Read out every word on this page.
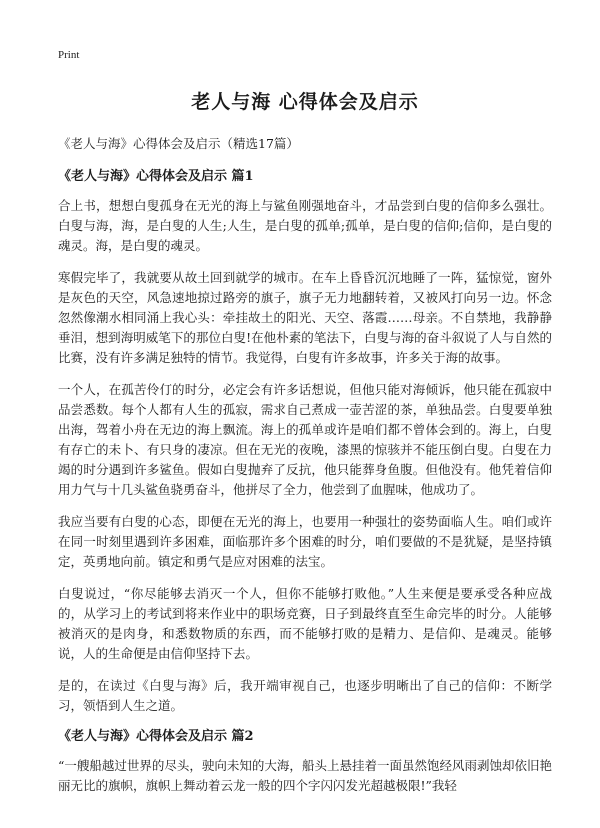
Print
老人与海 心得体会及启示
《老人与海》心得体会及启示（精选17篇）
《老人与海》心得体会及启示 篇1

合上书，想想白叟孤身在无光的海上与鲨鱼刚强地奋斗，才品尝到白叟的信仰多么强壮。白叟与海，海，是白叟的人生;人生，是白叟的孤单;孤单，是白叟的信仰;信仰，是白叟的魂灵。海，是白叟的魂灵。

寒假完毕了，我就要从故土回到就学的城市。在车上昏昏沉沉地睡了一阵，猛惊觉，窗外是灰色的天空，风急速地掠过路旁的旗子，旗子无力地翻转着，又被风打向另一边。怀念忽然像潮水相同涌上我心头：牵挂故土的阳光、天空、落霞……母亲。不自禁地，我静静垂泪，想到海明威笔下的那位白叟!在他朴素的笔法下，白叟与海的奋斗叙说了人与自然的比赛，没有许多满足独特的情节。我觉得，白叟有许多故事，许多关于海的故事。

一个人，在孤苦伶仃的时分，必定会有许多话想说，但他只能对海倾诉，他只能在孤寂中品尝悉数。每个人都有人生的孤寂，需求自己煮成一壶苦涩的茶，单独品尝。白叟要单独出海，驾着小舟在无边的海上飘流。海上的孤单或许是咱们都不曾体会到的。海上，白叟有存亡的未卜、有只身的凄凉。但在无光的夜晚，漆黑的惊骇并不能压倒白叟。白叟在力竭的时分遇到许多鲨鱼。假如白叟抛弃了反抗，他只能葬身鱼腹。但他没有。他凭着信仰用力气与十几头鲨鱼骁勇奋斗，他拼尽了全力，他尝到了血腥味，他成功了。

我应当要有白叟的心态，即便在无光的海上，也要用一种强壮的姿势面临人生。咱们或许在同一时刻里遇到许多困难，面临那许多个困难的时分，咱们要做的不是犹疑，是坚持镇定，英勇地向前。镇定和勇气是应对困难的法宝。

白叟说过，“你尽能够去消灭一个人，但你不能够打败他。”人生来便是要承受各种应战的，从学习上的考试到将来作业中的职场竞赛，日子到最终直至生命完毕的时分。人能够被消灭的是肉身，和悉数物质的东西，而不能够打败的是精力、是信仰、是魂灵。能够说，人的生命便是由信仰坚持下去。

是的，在读过《白叟与海》后，我开端审视自己，也逐步明晰出了自己的信仰：不断学习，领悟到人生之道。

《老人与海》心得体会及启示 篇2

“一艘船越过世界的尽头，驶向未知的大海，船头上悬挂着一面虽然饱经风雨剥蚀却依旧艳丽无比的旗帜，旗帜上舞动着云龙一般的四个字闪闪发光超越极限!”我轻
